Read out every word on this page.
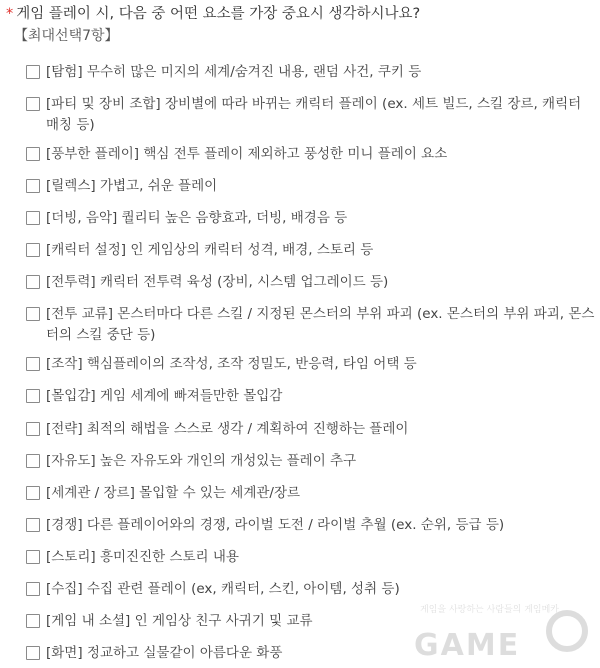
* 게임 플레이 시, 다음 중 어떤 요소를 가장 중요시 생각하시나요?
【최대선택7항】
[탐험] 무수히 많은 미지의 세계/숨겨진 내용, 랜덤 사건, 쿠키 등
[파티 및 장비 조합] 장비별에 따라 바뀌는 캐릭터 플레이 (ex. 세트 빌드, 스킬 장르, 캐릭터 매칭 등)
[풍부한 플레이] 핵심 전투 플레이 제외하고 풍성한 미니 플레이 요소
[릴렉스] 가볍고, 쉬운 플레이
[더빙, 음악] 퀄리티 높은 음향효과, 더빙, 배경음 등
[캐릭터 설정] 인 게임상의 캐릭터 성격, 배경, 스토리 등
[전투력] 캐릭터 전투력 육성 (장비, 시스템 업그레이드 등)
[전투 교류] 몬스터마다 다른 스킬 / 지정된 몬스터의 부위 파괴 (ex. 몬스터의 부위 파괴, 몬스터의 스킬 중단 등)
[조작] 핵심플레이의 조작성, 조작 정밀도, 반응력, 타임 어택 등
[몰입감] 게임 세계에 빠져들만한 몰입감
[전략] 최적의 해법을 스스로 생각 / 계획하여 진행하는 플레이
[자유도] 높은 자유도와 개인의 개성있는 플레이 추구
[세계관 / 장르] 몰입할 수 있는 세계관/장르
[경쟁] 다른 플레이어와의 경쟁, 라이벌 도전 / 라이벌 추월 (ex. 순위, 등급 등)
[스토리] 흥미진진한 스토리 내용
[수집] 수집 관련 플레이 (ex, 캐릭터, 스킨, 아이템, 성취 등)
[게임 내 소셜] 인 게임상 친구 사귀기 및 교류
[화면] 정교하고 실물같이 아름다운 화풍
게임을 사랑하는 사람들의 게임메카
GAME
